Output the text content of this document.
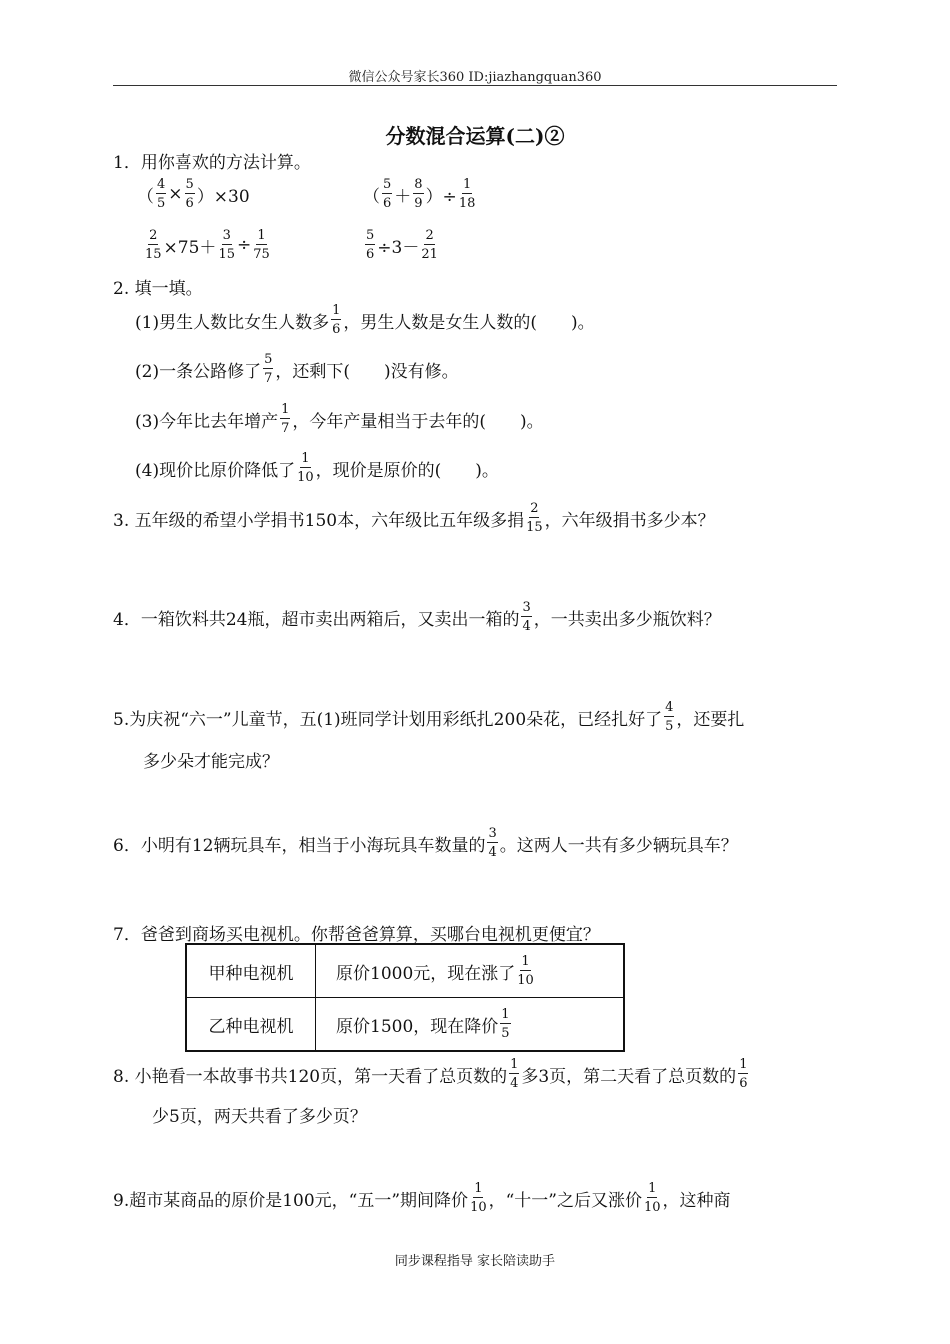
微信公众号家长360 ID:jiazhangquan360
分数混合运算(二)②
1．用你喜欢的方法计算。
（ $\frac{4}{5} \times \frac{5}{6} )\times 30$	（ $\frac{5}{6} + \frac{8}{9}$ ）÷ $\frac{1}{18}$
$\frac{2}{15} \times 75+ \frac{3}{15} \div \frac{1}{75}$	$\frac{5}{6} \div 3- \frac{2}{21}$
2. 填一填。
(1)男生人数比女生人数多 $\frac{1}{6}$ ，男生人数是女生人数的( )。
(2)一条公路修了 $\frac{5}{7}$ ，还剩下( )没有修。
(3)今年比去年增产 $\frac{1}{7}$ ，今年产量相当于去年的( )。
(4)现价比原价降低了 $\frac{1}{10}$ ，现价是原价的( )。
3. 五年级的希望小学捐书150本，六年级比五年级多捐 $\frac{2}{15}$ ，六年级捐书多少本？
4．一箱饮料共24瓶，超市卖出两箱后，又卖出一箱的 $\frac{3}{4}$ ，一共卖出多少瓶饮料？
5.为庆祝“六一”儿童节，五(1)班同学计划用彩纸扎200朵花，已经扎好了 $\frac{4}{5}$ ，还要扎
多少朵才能完成？
6．小明有12辆玩具车，相当于小海玩具车数量的 $\frac{3}{4}$ 。这两人一共有多少辆玩具车？
7．爸爸到商场买电视机。你帮爸爸算算，买哪台电视机更便宜？
甲种电视机	原价1000元，现在涨了 $\frac{1}{10}$

乙种电视机	原价1500，现在降价 $\frac{1}{5}$
8. 小艳看一本故事书共120页，第一天看了总页数的 $\frac{1}{4}$ 多3页，第二天看了总页数的 $\frac{1}{6}$
少5页，两天共看了多少页？
9.超市某商品的原价是100元，“五一”期间降价 $\frac{1}{10}$ ，“十一”之后又涨价 $\frac{1}{10}$ ，这种商
同步课程指导 家长陪读助手
